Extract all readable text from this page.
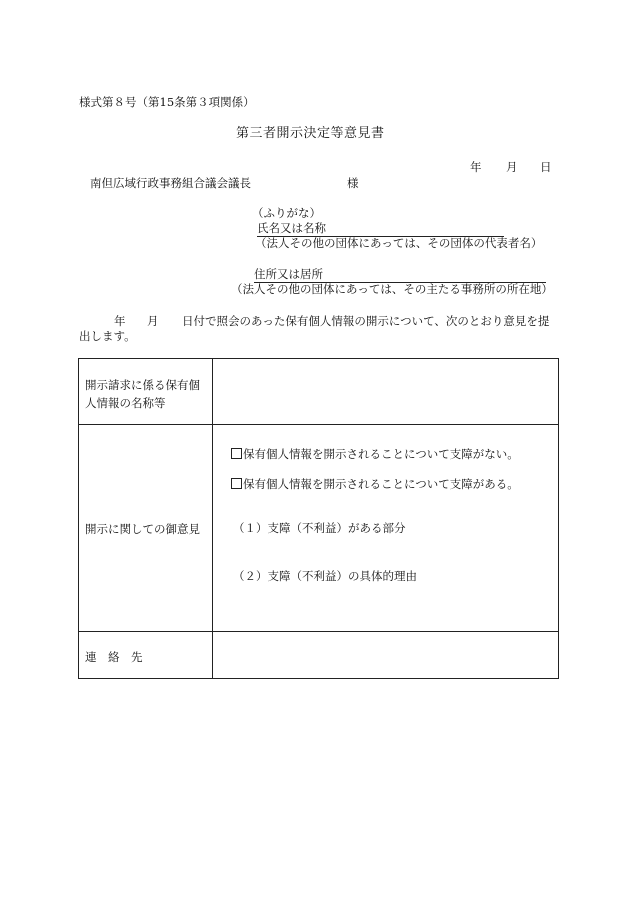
様式第８号（第15条第３項関係）
第三者開示決定等意見書
年 月 日
南但広域行政事務組合議会議長	様
（ふりがな）
氏名又は名称
（法人その他の団体にあっては、その団体の代表者名）
住所又は居所
（法人その他の団体にあっては、その主たる事務所の所在地）
年 月 日付で照会のあった保有個人情報の開示について、次のとおり意見を提
出します。
開示請求に係る保有個
人情報の名称等
開示に関しての御意見
保有個人情報を開示されることについて支障がない。
保有個人情報を開示されることについて支障がある。
（１）支障（不利益）がある部分
（２）支障（不利益）の具体的理由
連　絡　先
